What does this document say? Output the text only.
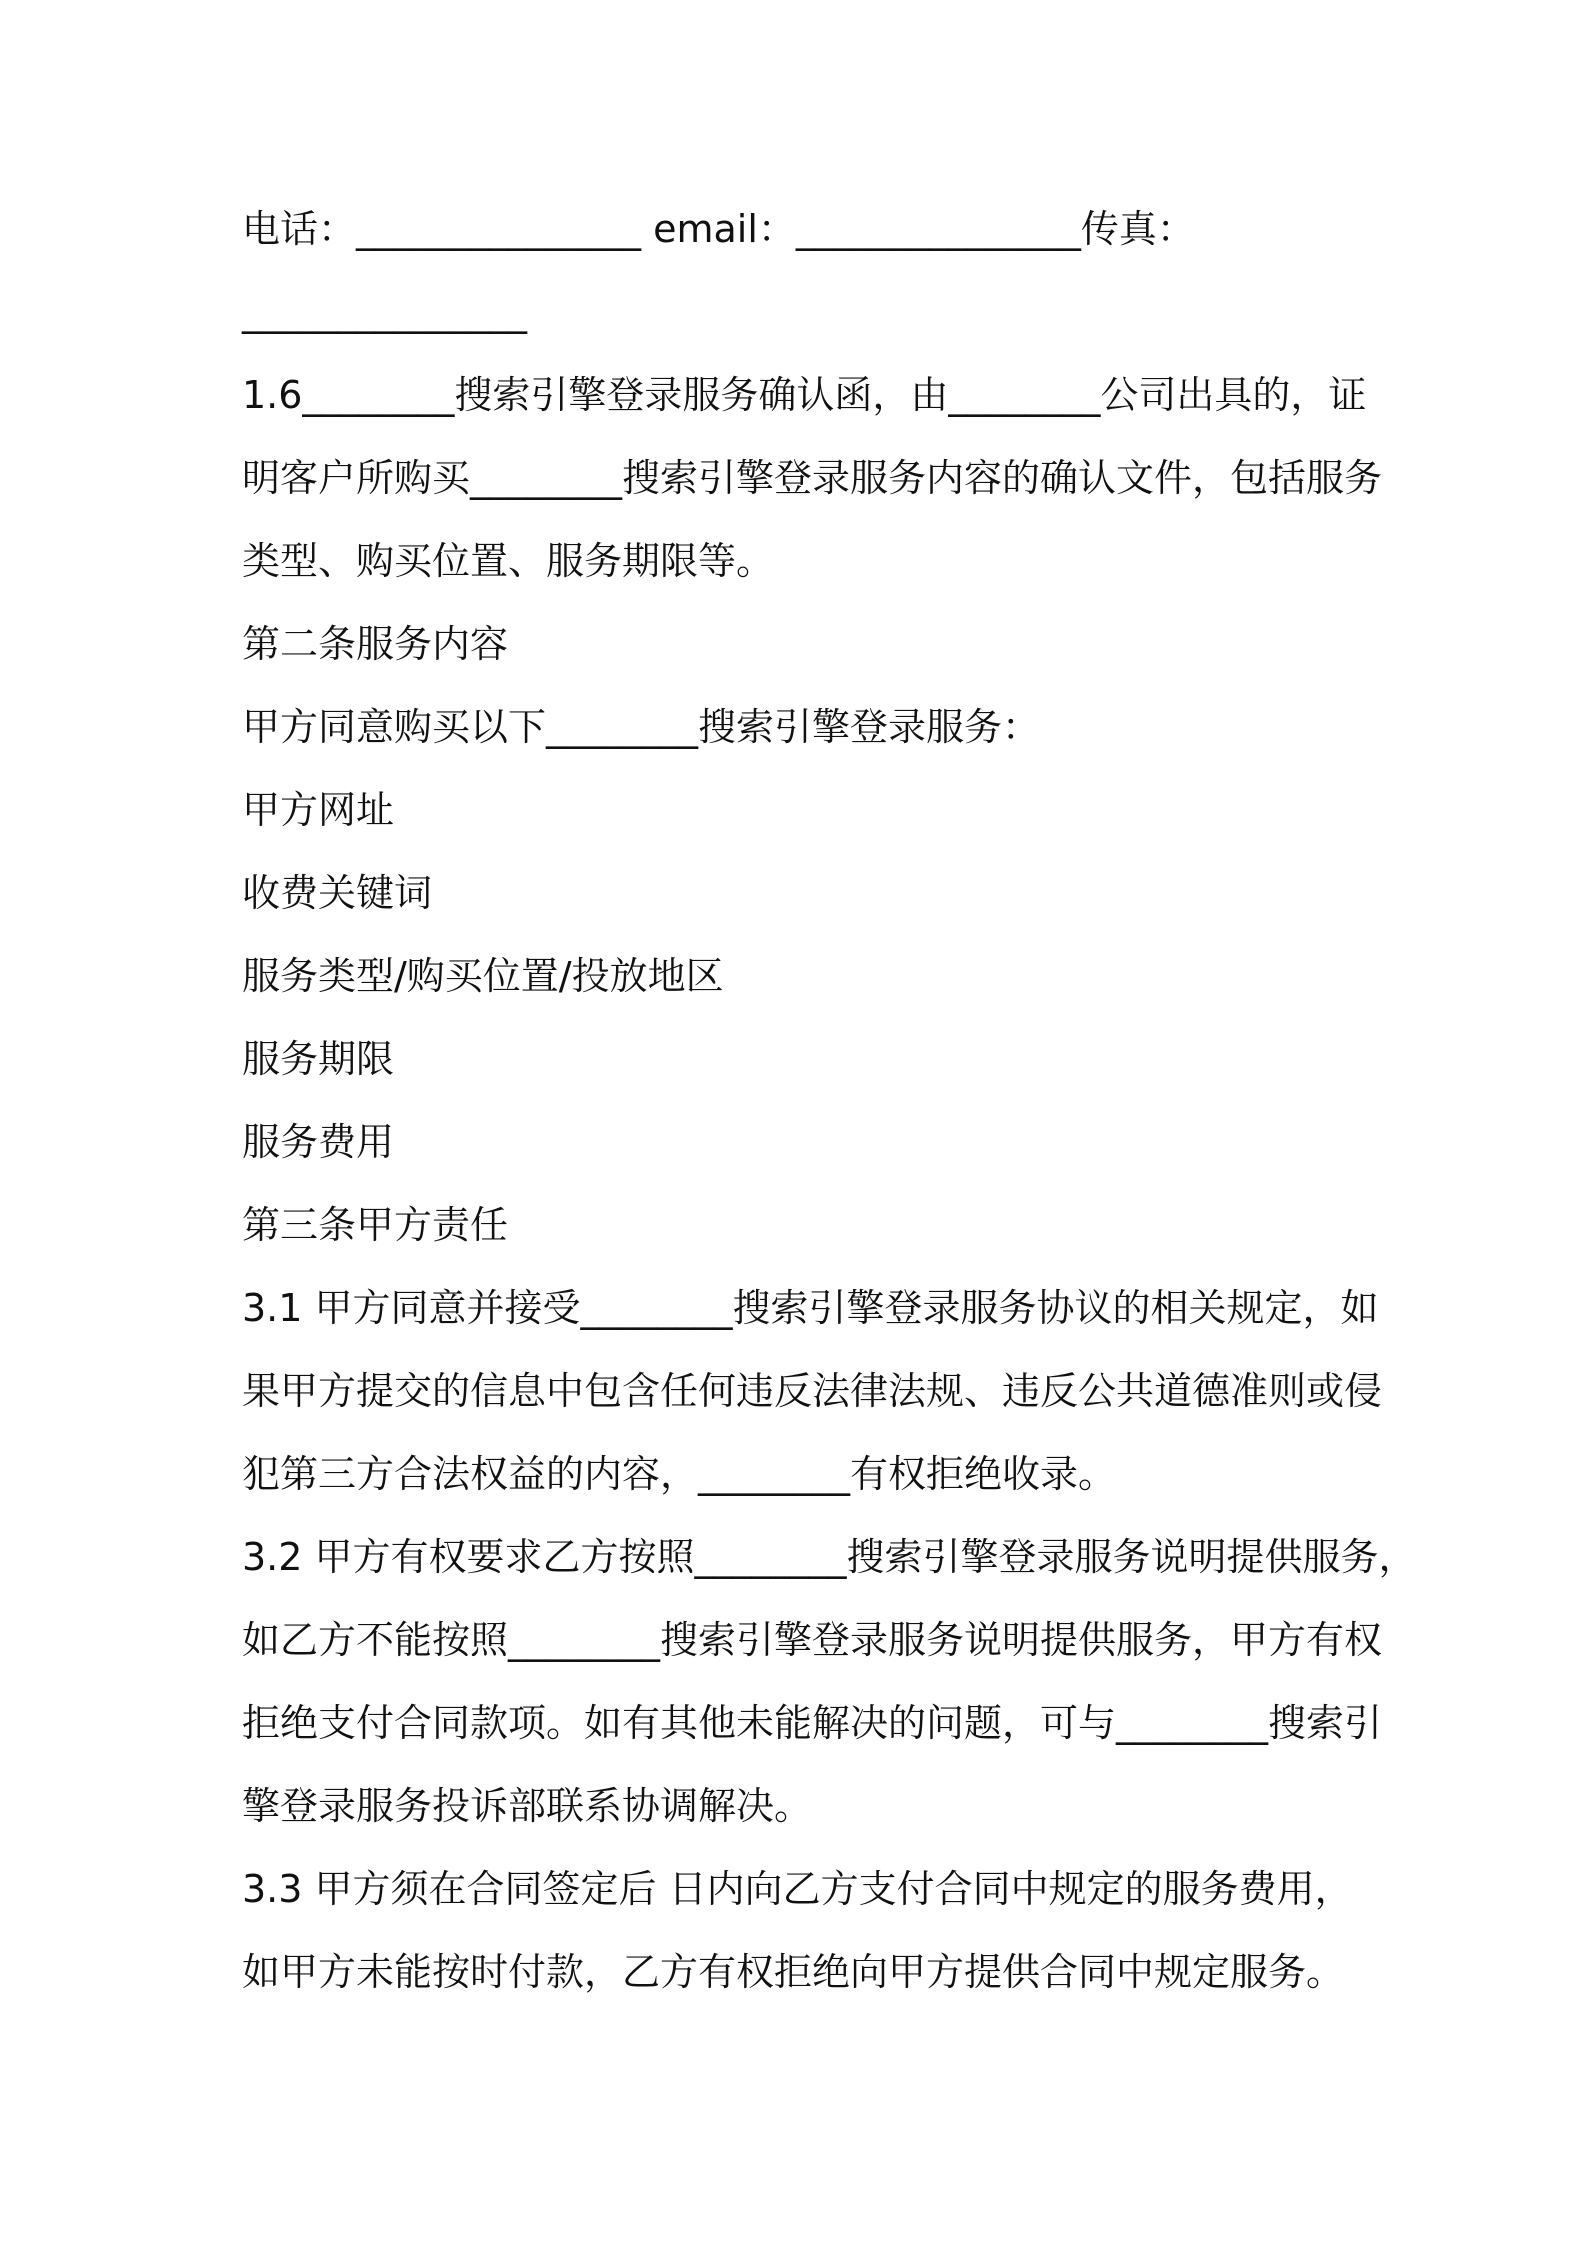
电话：_______________ email：_______________传真：
_______________
1.6________搜索引擎登录服务确认函，由________公司出具的，证
明客户所购买________搜索引擎登录服务内容的确认文件，包括服务
类型、购买位置、服务期限等。
第二条服务内容
甲方同意购买以下________搜索引擎登录服务：
甲方网址
收费关键词
服务类型/购买位置/投放地区
服务期限
服务费用
第三条甲方责任
3.1 甲方同意并接受________搜索引擎登录服务协议的相关规定，如
果甲方提交的信息中包含任何违反法律法规、违反公共道德准则或侵
犯第三方合法权益的内容，________有权拒绝收录。
3.2 甲方有权要求乙方按照________搜索引擎登录服务说明提供服务，
如乙方不能按照________搜索引擎登录服务说明提供服务，甲方有权
拒绝支付合同款项。如有其他未能解决的问题，可与________搜索引
擎登录服务投诉部联系协调解决。
3.3 甲方须在合同签定后 日内向乙方支付合同中规定的服务费用，
如甲方未能按时付款，乙方有权拒绝向甲方提供合同中规定服务。
